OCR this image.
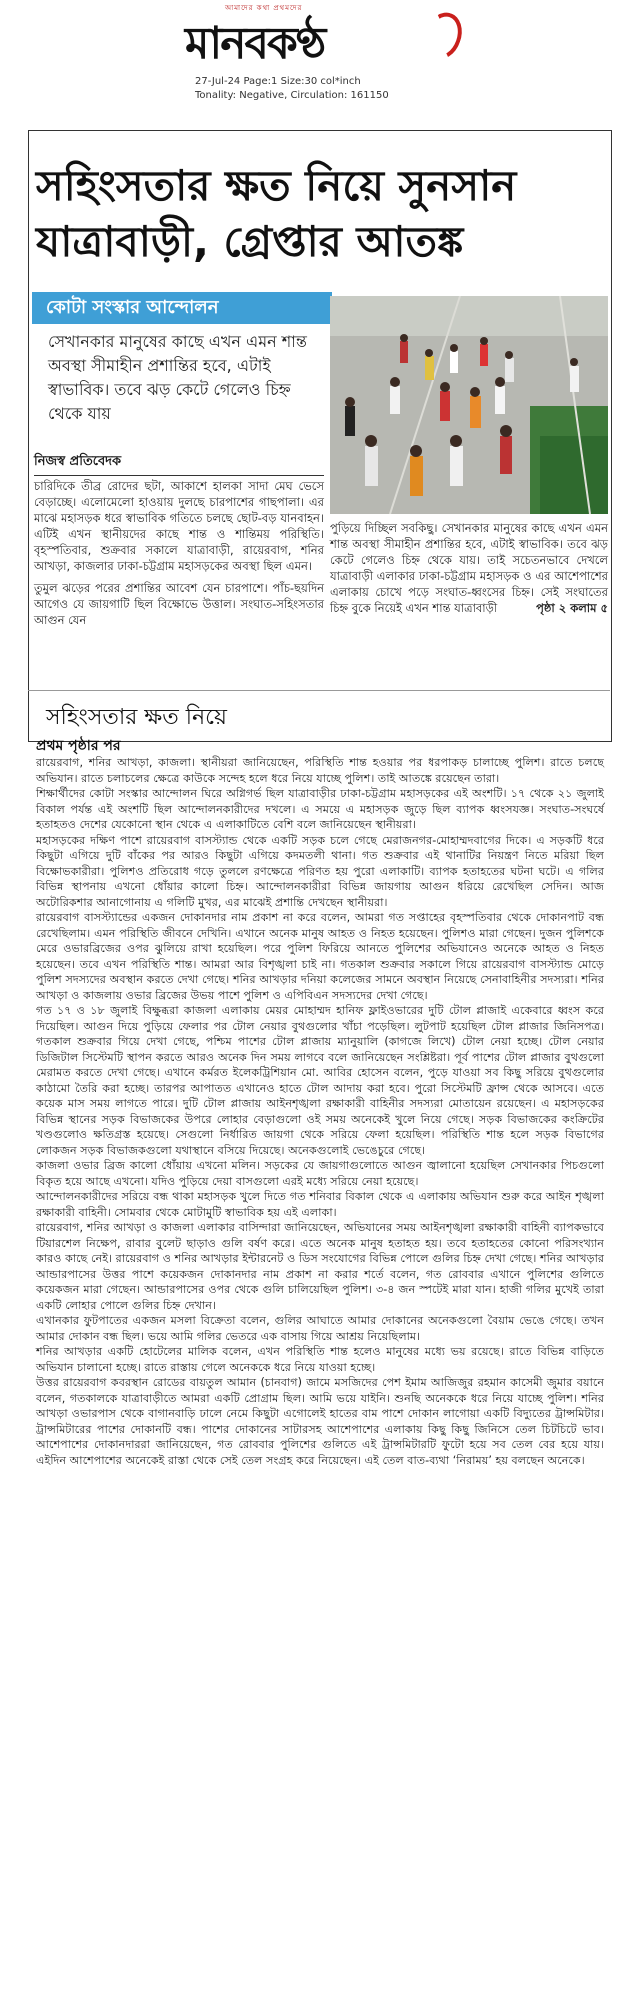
আমাদের কথা প্রথমদের
মানবকণ্ঠ
27-Jul-24 Page:1 Size:30 col*inch
Tonality: Negative, Circulation: 161150
সহিংসতার ক্ষত নিয়ে সুনসান
যাত্রাবাড়ী, গ্রেপ্তার আতঙ্ক
কোটা সংস্কার আন্দোলন
সেখানকার মানুষের কাছে এখন এমন শান্ত অবস্থা সীমাহীন প্রশান্তির হবে, এটাই স্বাভাবিক। তবে ঝড় কেটে গেলেও চিহ্ন থেকে যায়
নিজস্ব প্রতিবেদক

চারিদিকে তীব্র রোদের ছটা, আকাশে হালকা সাদা মেঘ ভেসে বেড়াচ্ছে। এলোমেলো হাওয়ায় দুলছে চারপাশের গাছপালা। এর মাঝে মহাসড়ক ধরে স্বাভাবিক গতিতে চলছে ছোট-বড় যানবাহন। এটিই এখন স্থানীয়দের কাছে শান্ত ও শান্তিময় পরিস্থিতি। বৃহস্পতিবার, শুক্রবার সকালে যাত্রাবাড়ী, রায়েরবাগ, শনির আখড়া, কাজলার ঢাকা-চট্টগ্রাম মহাসড়কের অবস্থা ছিল এমন।

তুমুল ঝড়ের পরের প্রশান্তির আবেশ যেন চারপাশে। পাঁচ-ছয়দিন আগেও যে জায়গাটি ছিল বিক্ষোভে উত্তাল। সংঘাত-সহিংসতার আগুন যেন

পুড়িয়ে দিচ্ছিল সবকিছু। সেখানকার মানুষের কাছে এখন এমন শান্ত অবস্থা সীমাহীন প্রশান্তির হবে, এটাই স্বাভাবিক। তবে ঝড় কেটে গেলেও চিহ্ন থেকে যায়। তাই সচেতনভাবে দেখলে যাত্রাবাড়ী এলাকার ঢাকা-চট্টগ্রাম মহাসড়ক ও এর আশেপাশের এলাকায় চোখে পড়ে সংঘাত-ধ্বংসের চিহ্ন। সেই সংঘাতের চিহ্ন বুকে নিয়েই এখন শান্ত যাত্রাবাড়ী	পৃষ্ঠা ২ কলাম ৫
সহিংসতার ক্ষত নিয়ে
প্রথম পৃষ্ঠার পর

রায়েরবাগ, শনির আখড়া, কাজলা। স্থানীয়রা জানিয়েছেন, পরিস্থিতি শান্ত হওয়ার পর ধরপাকড় চালাচ্ছে পুলিশ। রাতে চলছে অভিযান। রাতে চলাচলের ক্ষেত্রে কাউকে সন্দেহ হলে ধরে নিয়ে যাচ্ছে পুলিশ। তাই আতঙ্কে রয়েছেন তারা।

শিক্ষার্থীদের কোটা সংস্কার আন্দোলন ঘিরে অগ্নিগর্ভ ছিল যাত্রাবাড়ীর ঢাকা-চট্টগ্রাম মহাসড়কের এই অংশটি। ১৭ থেকে ২১ জুলাই বিকাল পর্যন্ত এই অংশটি ছিল আন্দোলনকারীদের দখলে। এ সময়ে এ মহাসড়ক জুড়ে ছিল ব্যাপক ধ্বংসযজ্ঞ। সংঘাত-সংঘর্ষে হতাহতও দেশের যেকোনো স্থান থেকে এ এলাকাটিতে বেশি বলে জানিয়েছেন স্থানীয়রা।

মহাসড়কের দক্ষিণ পাশে রায়েরবাগ বাসস্ট্যান্ড থেকে একটি সড়ক চলে গেছে মেরাজনগর-মোহাম্মদবাগের দিকে। এ সড়কটি ধরে কিছুটা এগিয়ে দুটি বাঁকের পর আরও কিছুটা এগিয়ে কদমতলী থানা। গত শুক্রবার এই থানাটির নিয়ন্ত্রণ নিতে মরিয়া ছিল বিক্ষোভকারীরা। পুলিশও প্রতিরোধ গড়ে তুললে রণক্ষেত্রে পরিণত হয় পুরো এলাকাটি। ব্যাপক হতাহতের ঘটনা ঘটে। এ গলির বিভিন্ন স্থাপনায় এখনো ধোঁয়ার কালো চিহ্ন। আন্দোলনকারীরা বিভিন্ন জায়গায় আগুন ধরিয়ে রেখেছিল সেদিন। আজ অটোরিকশার আনাগোনায় এ গলিটি মুখর, এর মাঝেই প্রশান্তি দেখছেন স্থানীয়রা।

রায়েরবাগ বাসস্ট্যান্ডের একজন দোকানদার নাম প্রকাশ না করে বলেন, আমরা গত সপ্তাহের বৃহস্পতিবার থেকে দোকানপাট বন্ধ রেখেছিলাম। এমন পরিস্থিতি জীবনে দেখিনি। এখানে অনেক মানুষ আহত ও নিহত হয়েছেন। পুলিশও মারা গেছেন। দুজন পুলিশকে মেরে ওভারব্রিজের ওপর ঝুলিয়ে রাখা হয়েছিল। পরে পুলিশ ফিরিয়ে আনতে পুলিশের অভিযানেও অনেকে আহত ও নিহত হয়েছেন। তবে এখন পরিস্থিতি শান্ত। আমরা আর বিশৃঙ্খলা চাই না। গতকাল শুক্রবার সকালে গিয়ে রায়েরবাগ বাসস্ট্যান্ড মোড়ে পুলিশ সদস্যদের অবস্থান করতে দেখা গেছে। শনির আখড়ার দনিয়া কলেজের সামনে অবস্থান নিয়েছে সেনাবাহিনীর সদস্যরা। শনির আখড়া ও কাজলায় ওভার ব্রিজের উভয় পাশে পুলিশ ও এপিবিএন সদস্যদের দেখা গেছে।

গত ১৭ ও ১৮ জুলাই বিক্ষুব্ধরা কাজলা এলাকায় মেয়র মোহাম্মদ হানিফ ফ্লাইওভারের দুটি টোল প্লাজাই একেবারে ধ্বংস করে দিয়েছিল। আগুন দিয়ে পুড়িয়ে ফেলার পর টোল নেয়ার বুথগুলোর খাঁচা পড়েছিল। লুটপাট হয়েছিল টোল প্লাজার জিনিসপত্র। গতকাল শুক্রবার গিয়ে দেখা গেছে, পশ্চিম পাশের টোল প্লাজায় ম্যানুয়ালি (কাগজে লিখে) টোল নেয়া হচ্ছে। টোল নেয়ার ডিজিটাল সিস্টেমটি স্থাপন করতে আরও অনেক দিন সময় লাগবে বলে জানিয়েছেন সংশ্লিষ্টরা। পূর্ব পাশের টোল প্লাজার বুথগুলো মেরামত করতে দেখা গেছে। এখানে কর্মরত ইলেকট্রিশিয়ান মো. আবির হোসেন বলেন, পুড়ে যাওয়া সব কিছু সরিয়ে বুথগুলোর কাঠামো তৈরি করা হচ্ছে। তারপর আপাতত এখানেও হাতে টোল আদায় করা হবে। পুরো সিস্টেমটি ফ্রান্স থেকে আসবে। এতে কয়েক মাস সময় লাগতে পারে। দুটি টোল প্লাজায় আইনশৃঙ্খলা রক্ষাকারী বাহিনীর সদস্যরা মোতায়েন রয়েছেন। এ মহাসড়কের বিভিন্ন স্থানের সড়ক বিভাজকের উপরে লোহার বেড়াগুলো ওই সময় অনেকেই খুলে নিয়ে গেছে। সড়ক বিভাজকের কংক্রিটের খণ্ডগুলোও ক্ষতিগ্রস্ত হয়েছে। সেগুলো নির্ধারিত জায়গা থেকে সরিয়ে ফেলা হয়েছিল। পরিস্থিতি শান্ত হলে সড়ক বিভাগের লোকজন সড়ক বিভাজকগুলো যথাস্থানে বসিয়ে দিয়েছে। অনেকগুলোই ভেঙেচুরে গেছে।

কাজলা ওভার ব্রিজ কালো ধোঁয়ায় এখনো মলিন। সড়কের যে জায়গাগুলোতে আগুন জ্বালানো হয়েছিল সেখানকার পিচগুলো বিকৃত হয়ে আছে এখনো। যদিও পুড়িয়ে দেয়া বাসগুলো এরই মধ্যে সরিয়ে নেয়া হয়েছে।

আন্দোলনকারীদের সরিয়ে বন্ধ থাকা মহাসড়ক খুলে দিতে গত শনিবার বিকাল থেকে এ এলাকায় অভিযান শুরু করে আইন শৃঙ্খলা রক্ষাকারী বাহিনী। সোমবার থেকে মোটামুটি স্বাভাবিক হয় এই এলাকা।

রায়েরবাগ, শনির আখড়া ও কাজলা এলাকার বাসিন্দারা জানিয়েছেন, অভিযানের সময় আইনশৃঙ্খলা রক্ষাকারী বাহিনী ব্যাপকভাবে টিয়ারশেল নিক্ষেপ, রাবার বুলেট ছাড়াও গুলি বর্ষণ করে। এতে অনেক মানুষ হতাহত হয়। তবে হতাহতের কোনো পরিসংখ্যান কারও কাছে নেই। রায়েরবাগ ও শনির আখড়ার ইন্টারনেট ও ডিস সংযোগের বিভিন্ন পোলে গুলির চিহ্ন দেখা গেছে। শনির আখড়ার আন্ডারপাসের উত্তর পাশে কয়েকজন দোকানদার নাম প্রকাশ না করার শর্তে বলেন, গত রোববার এখানে পুলিশের গুলিতে কয়েকজন মারা গেছেন। আন্ডারপাসের ওপর থেকে গুলি চালিয়েছিল পুলিশ। ৩-৪ জন স্পটেই মারা যান। হাজী গলির মুখেই তারা একটি লোহার পোলে গুলির চিহ্ন দেখান।

এখানকার ফুটপাতের একজন মসলা বিক্রেতা বলেন, গুলির আঘাতে আমার দোকানের অনেকগুলো বৈয়াম ভেঙে গেছে। তখন আমার দোকান বন্ধ ছিল। ভয়ে আমি গলির ভেতরে এক বাসায় গিয়ে আশ্রয় নিয়েছিলাম।

শনির আখড়ার একটি হোটেলের মালিক বলেন, এখন পরিস্থিতি শান্ত হলেও মানুষের মধ্যে ভয় রয়েছে। রাতে বিভিন্ন বাড়িতে অভিযান চালানো হচ্ছে। রাতে রাস্তায় গেলে অনেককে ধরে নিয়ে যাওয়া হচ্ছে।

উত্তর রায়েরবাগ কবরস্থান রোডের বায়তুল আমান (চানবাগ) জামে মসজিদের পেশ ইমাম আজিজুর রহমান কাসেমী জুমার বয়ানে বলেন, গতকালকে যাত্রাবাড়ীতে আমরা একটি প্রোগ্রাম ছিল। আমি ভয়ে যাইনি। শুনছি অনেককে ধরে নিয়ে যাচ্ছে পুলিশ। শনির আখড়া ওভারপাস থেকে বাগানবাড়ি ঢালে নেমে কিছুটা এগোলেই হাতের বাম পাশে দোকান লাগোয়া একটি বিদ্যুতের ট্রান্সমিটার। ট্রান্সমিটারের পাশের দোকানটি বন্ধ। পাশের দোকানের সাটারসহ আশেপাশের এলাকায় কিছু কিছু জিনিসে তেল চিটচিটে ভাব। আশেপাশের দোকানদাররা জানিয়েছেন, গত রোববার পুলিশের গুলিতে এই ট্রান্সমিটারটি ফুটো হয়ে সব তেল বের হয়ে যায়। এইদিন আশেপাশের অনেকেই রাস্তা থেকে সেই তেল সংগ্রহ করে নিয়েছেন। এই তেল বাত-ব্যথা ‘নিরাময়’ হয় বলছেন অনেকে।
